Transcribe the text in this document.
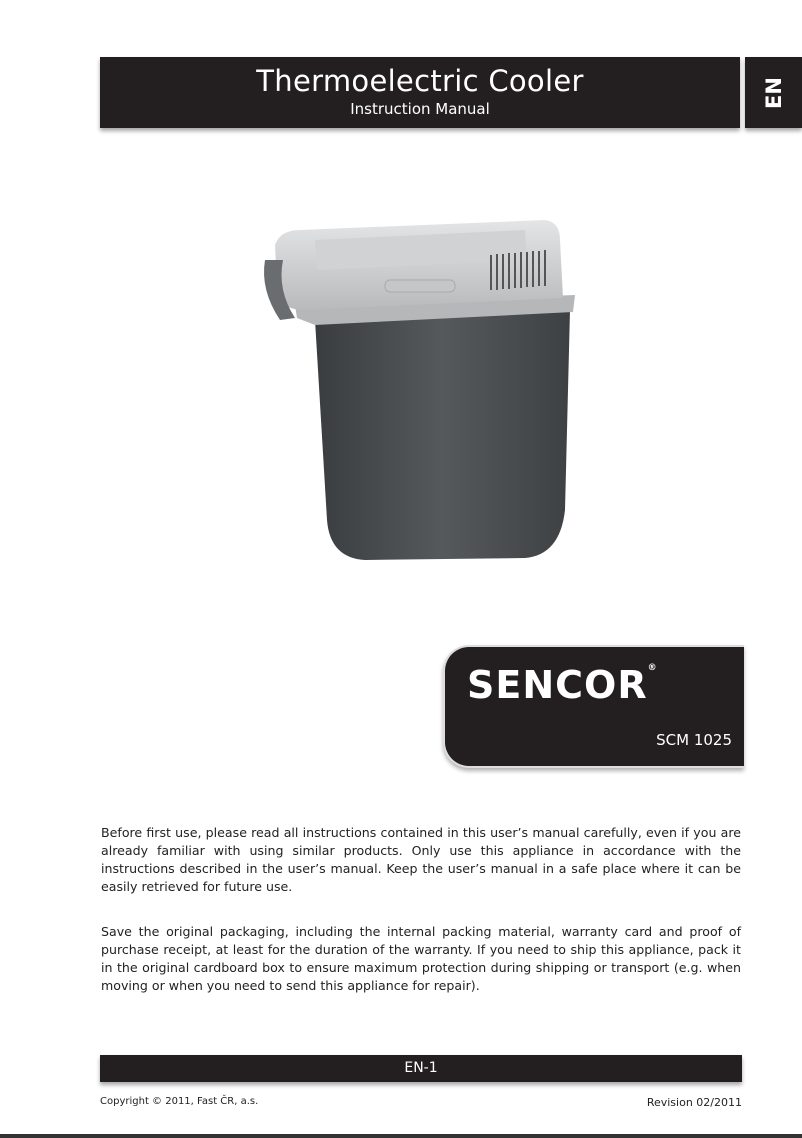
Thermoelectric Cooler
Instruction Manual
EN
SENCOR®
SCM 1025

Before first use, please read all instructions contained in this user’s manual carefully, even if you are already familiar with using similar products. Only use this appliance in accordance with the instructions described in the user’s manual. Keep the user’s manual in a safe place where it can be easily retrieved for future use.

Save the original packaging, including the internal packing material, warranty card and proof of purchase receipt, at least for the duration of the warranty. If you need to ship this appliance, pack it in the original cardboard box to ensure maximum protection during shipping or transport (e.g. when moving or when you need to send this appliance for repair).

EN-1
Copyright © 2011, Fast ČR, a.s.	Revision 02/2011
